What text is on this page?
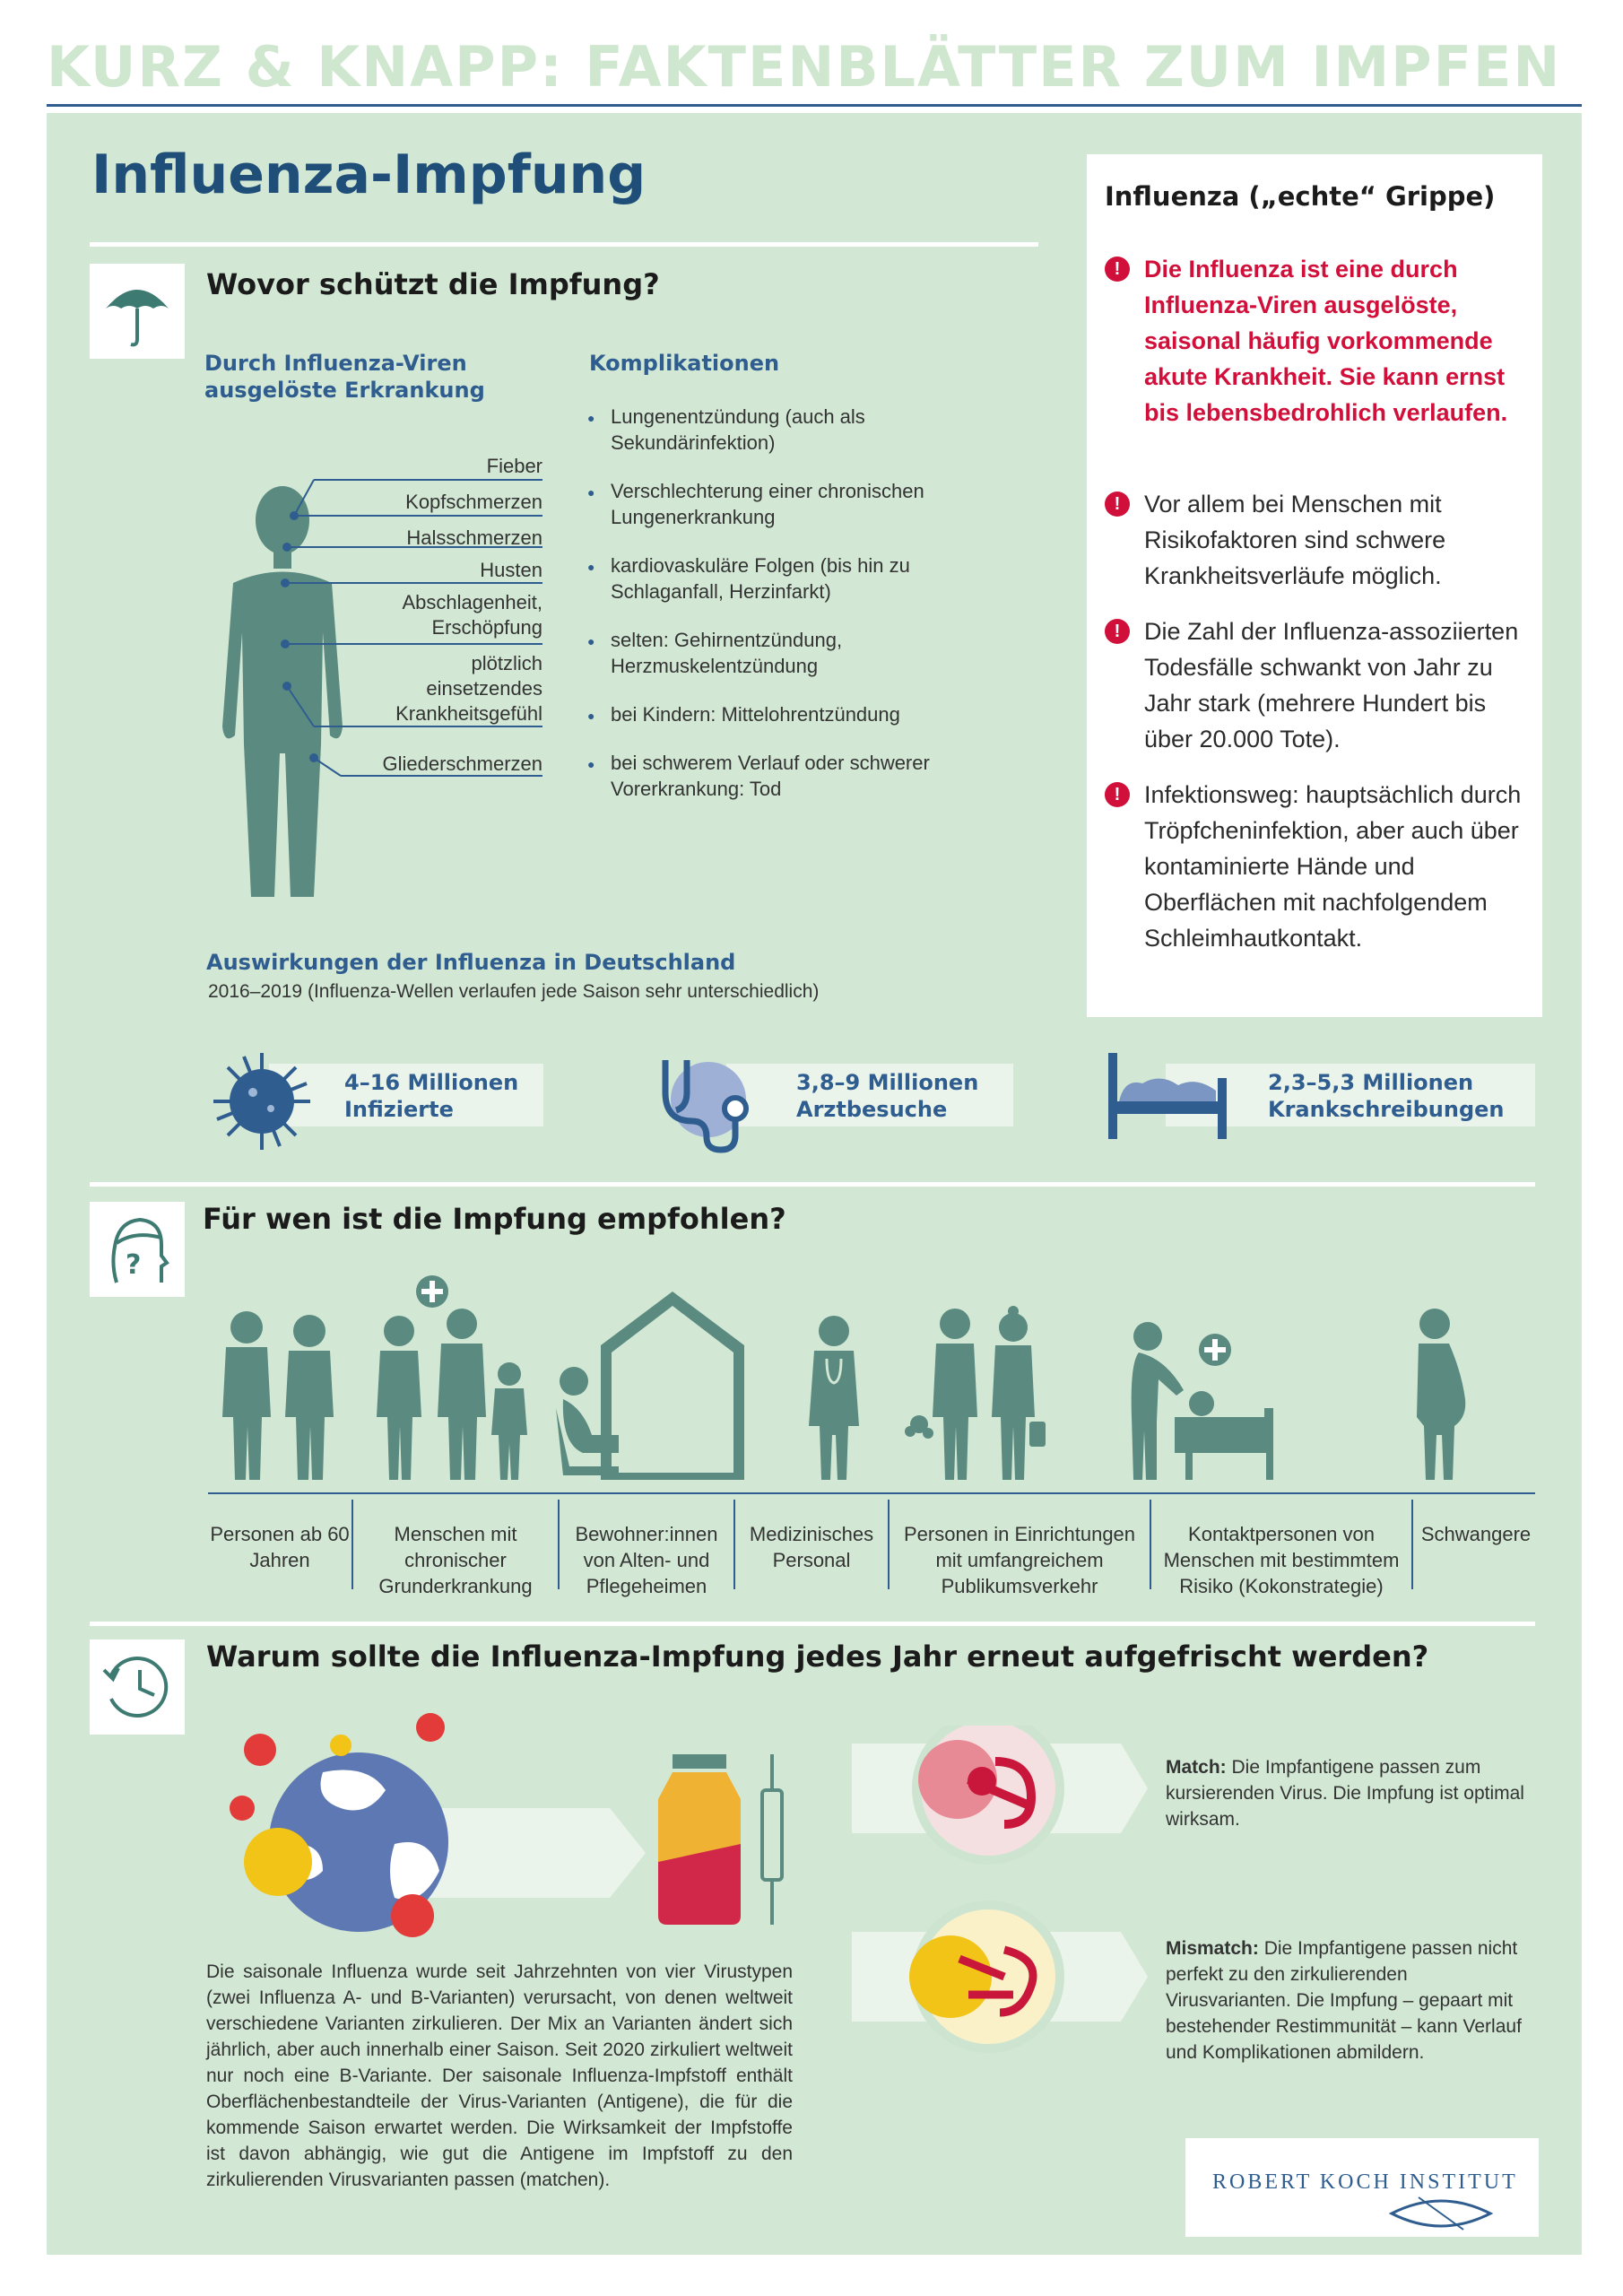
KURZ & KNAPP: FAKTENBLÄTTER ZUM IMPFEN
Influenza-Impfung
Wovor schützt die Impfung?
Durch Influenza-Viren ausgelöste Erkrankung
Komplikationen
Fieber
Kopfschmerzen
Halsschmerzen
Husten
Abschlagenheit, Erschöpfung
plötzlich einsetzendes Krankheitsgefühl
Gliederschmerzen
● Lungenentzündung (auch als Sekundärinfektion)
● Verschlechterung einer chronischen Lungenerkrankung
● kardiovaskuläre Folgen (bis hin zu Schlaganfall, Herzinfarkt)
● selten: Gehirnentzündung, Herzmuskelentzündung
● bei Kindern: Mittelohrentzündung
● bei schwerem Verlauf oder schwerer Vorerkrankung: Tod
Auswirkungen der Influenza in Deutschland
2016–2019 (Influenza-Wellen verlaufen jede Saison sehr unterschiedlich)
4–16 Millionen
Infizierte
3,8–9 Millionen
Arztbesuche
2,3–5,3 Millionen
Krankschreibungen
Influenza („echte“ Grippe)
! Die Influenza ist eine durch Influenza-Viren ausgelöste, saisonal häufig vorkommende akute Krankheit. Sie kann ernst bis lebensbedrohlich verlaufen.
! Vor allem bei Menschen mit Risikofaktoren sind schwere Krankheitsverläufe möglich.
! Die Zahl der Influenza-assoziierten Todesfälle schwankt von Jahr zu Jahr stark (mehrere Hundert bis über 20.000 Tote).
! Infektionsweg: hauptsächlich durch Tröpfcheninfektion, aber auch über kontaminierte Hände und Oberflächen mit nachfolgendem Schleimhautkontakt.
?
Für wen ist die Impfung empfohlen?
Personen ab 60 Jahren
Menschen mit chronischer Grunderkrankung
Bewohner:innen von Alten- und Pflegeheimen
Medizinisches Personal
Personen in Einrichtungen mit umfangreichem Publikumsverkehr
Kontaktpersonen von Menschen mit bestimmtem Risiko (Kokonstrategie)
Schwangere
Warum sollte die Influenza-Impfung jedes Jahr erneut aufgefrischt werden?
Die saisonale Influenza wurde seit Jahrzehnten von vier Virustypen (zwei Influenza A- und B-Varianten) verursacht, von denen weltweit verschiedene Varianten zirkulieren. Der Mix an Varianten ändert sich jährlich, aber auch innerhalb einer Saison. Seit 2020 zirkuliert weltweit nur noch eine B-Variante. Der saisonale Influenza-Impfstoff enthält Oberflächenbestandteile der Virus-Varianten (Antigene), die für die kommende Saison erwartet werden. Die Wirksamkeit der Impfstoffe ist davon abhängig, wie gut die Antigene im Impfstoff zu den zirkulierenden Virusvarianten passen (matchen).
Match: Die Impfantigene passen zum kursierenden Virus. Die Impfung ist optimal wirksam.
Mismatch: Die Impfantigene passen nicht perfekt zu den zirkulierenden Virusvarianten. Die Impfung – gepaart mit bestehender Restimmunität – kann Verlauf und Komplikationen abmildern.
ROBERT KOCH INSTITUT
